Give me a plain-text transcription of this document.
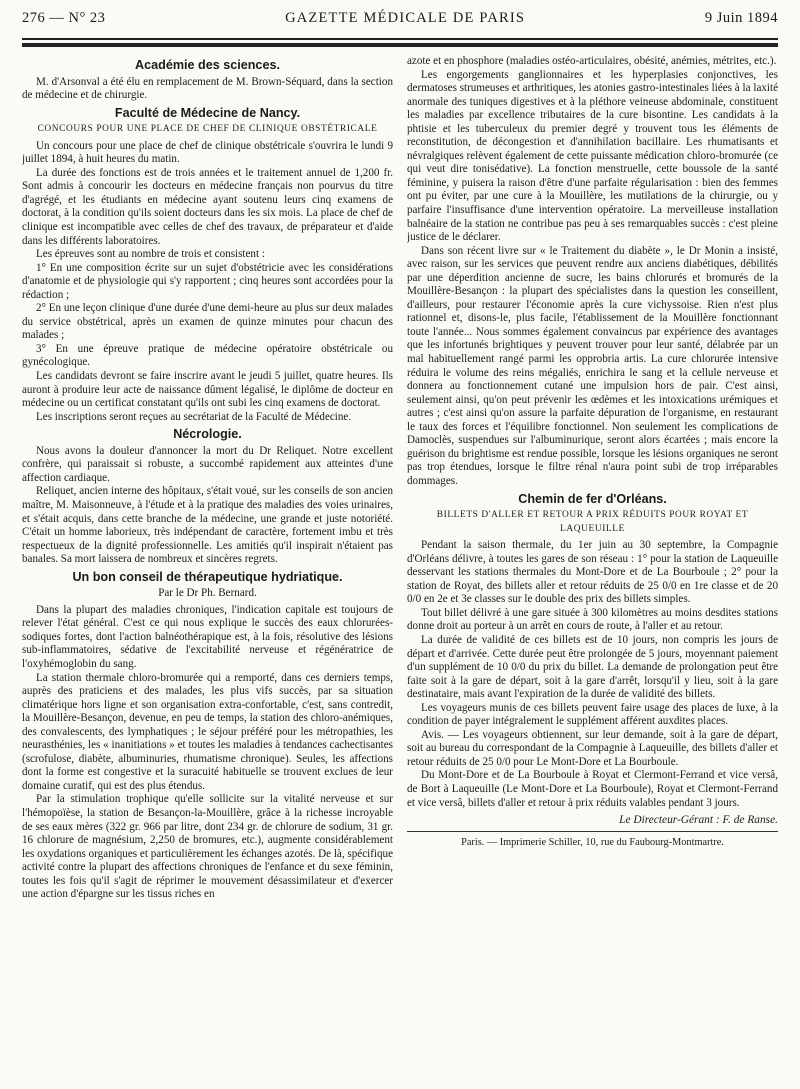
276 — N° 23	GAZETTE MÉDICALE DE PARIS	9 Juin 1894
Académie des sciences.

M. d'Arsonval a été élu en remplacement de M. Brown-Séquard, dans la section de médecine et de chirurgie.

Faculté de Médecine de Nancy.
CONCOURS POUR UNE PLACE DE CHEF DE CLINIQUE OBSTÉTRICALE

Un concours pour une place de chef de clinique obstétricale s'ouvrira le lundi 9 juillet 1894, à huit heures du matin.

La durée des fonctions est de trois années et le traitement annuel de 1,200 fr. Sont admis à concourir les docteurs en médecine français non pourvus du titre d'agrégé, et les étudiants en médecine ayant soutenu leurs cinq examens de doctorat, à la condition qu'ils soient docteurs dans les six mois. La place de chef de clinique est incompatible avec celles de chef des travaux, de préparateur et d'aide dans les différents laboratoires.

Les épreuves sont au nombre de trois et consistent :

1° En une composition écrite sur un sujet d'obstétricie avec les considérations d'anatomie et de physiologie qui s'y rapportent ; cinq heures sont accordées pour la rédaction ;

2° En une leçon clinique d'une durée d'une demi-heure au plus sur deux malades du service obstétrical, après un examen de quinze minutes pour chacun des malades ;

3° En une épreuve pratique de médecine opératoire obstétricale ou gynécologique.

Les candidats devront se faire inscrire avant le jeudi 5 juillet, quatre heures. Ils auront à produire leur acte de naissance dûment légalisé, le diplôme de docteur en médecine ou un certificat constatant qu'ils ont subi les cinq examens de doctorat.

Les inscriptions seront reçues au secrétariat de la Faculté de Médecine.

Nécrologie.

Nous avons la douleur d'annoncer la mort du Dr Reliquet. Notre excellent confrère, qui paraissait si robuste, a succombé rapidement aux atteintes d'une affection cardiaque.

Reliquet, ancien interne des hôpitaux, s'était voué, sur les conseils de son ancien maître, M. Maisonneuve, à l'étude et à la pratique des maladies des voies urinaires, et s'était acquis, dans cette branche de la médecine, une grande et juste notoriété. C'était un homme laborieux, très indépendant de caractère, fortement imbu et très respectueux de la dignité professionnelle. Les amitiés qu'il inspirait n'étaient pas banales. Sa mort laissera de nombreux et sincères regrets.

Un bon conseil de thérapeutique hydriatique.
Par le Dr Ph. Bernard.

Dans la plupart des maladies chroniques, l'indication capitale est toujours de relever l'état général. C'est ce qui nous explique le succès des eaux chlorurées-sodiques fortes, dont l'action balnéothérapique est, à la fois, résolutive des lésions sub-inflammatoires, sédative de l'excitabilité nerveuse et régénératrice de l'oxyhémoglobin du sang.

La station thermale chloro-bromurée qui a remporté, dans ces derniers temps, auprès des praticiens et des malades, les plus vifs succès, par sa situation climatérique hors ligne et son organisation extra-confortable, c'est, sans contredit, la Mouillère-Besançon, devenue, en peu de temps, la station des chloro-anémiques, des convalescents, des lymphatiques ; le séjour préféré pour les métropathies, les neurasthénies, les « inanitiations » et toutes les maladies à tendances cachectisantes (scrofulose, diabète, albuminuries, rhumatisme chronique). Seules, les affections dont la forme est congestive et la suracuité habituelle se trouvent exclues de leur domaine curatif, qui est des plus étendus.

Par la stimulation trophique qu'elle sollicite sur la vitalité nerveuse et sur l'hémopoïèse, la station de Besançon-la-Mouillère, grâce à la richesse incroyable de ses eaux mères (322 gr. 966 par litre, dont 234 gr. de chlorure de sodium, 31 gr. 16 chlorure de magnésium, 2,250 de bromures, etc.), augmente considérablement les oxydations organiques et particulièrement les échanges azotés. De là, spécifique activité contre la plupart des affections chroniques de l'enfance et du sexe féminin, toutes les fois qu'il s'agit de réprimer le mouvement désassimilateur et d'exercer une action d'épargne sur les tissus riches en

azote et en phosphore (maladies ostéo-articulaires, obésité, anémies, métrites, etc.).

Les engorgements ganglionnaires et les hyperplasies conjonctives, les dermatoses strumeuses et arthritiques, les atonies gastro-intestinales liées à la laxité anormale des tuniques digestives et à la pléthore veineuse abdominale, constituent les maladies par excellence tributaires de la cure bisontine. Les candidats à la phtisie et les tuberculeux du premier degré y trouvent tous les éléments de reconstitution, de décongestion et d'annihilation bacillaire. Les rhumatisants et névralgiques relèvent également de cette puissante médication chloro-bromurée (ce qui veut dire tonisédative). La fonction menstruelle, cette boussole de la santé féminine, y puisera la raison d'être d'une parfaite régularisation : bien des femmes ont pu éviter, par une cure à la Mouillère, les mutilations de la chirurgie, ou y parfaire l'insuffisance d'une intervention opératoire. La merveilleuse installation balnéaire de la station ne contribue pas peu à ses remarquables succès : c'est pleine justice de le déclarer.

Dans son récent livre sur « le Traitement du diabète », le Dr Monin a insisté, avec raison, sur les services que peuvent rendre aux anciens diabétiques, débilités par une déperdition ancienne de sucre, les bains chlorurés et bromurés de la Mouillère-Besançon : la plupart des spécialistes dans la question les conseillent, d'ailleurs, pour restaurer l'économie après la cure vichyssoise. Rien n'est plus rationnel et, disons-le, plus facile, l'établissement de la Mouillère fonctionnant toute l'année... Nous sommes également convaincus par expérience des avantages que les infortunés brightiques y peuvent trouver pour leur santé, délabrée par un mal habituellement rangé parmi les opprobria artis. La cure chlorurée intensive réduira le volume des reins mégaliés, enrichira le sang et la cellule nerveuse et donnera au fonctionnement cutané une impulsion hors de pair. C'est ainsi, seulement ainsi, qu'on peut prévenir les œdèmes et les intoxications urémiques et autres ; c'est ainsi qu'on assure la parfaite dépuration de l'organisme, en restaurant le taux des forces et l'équilibre fonctionnel. Non seulement les complications de Damoclès, suspendues sur l'albuminurique, seront alors écartées ; mais encore la guérison du brightisme est rendue possible, lorsque les lésions organiques ne seront pas trop étendues, lorsque le filtre rénal n'aura point subi de trop irréparables dommages.

Chemin de fer d'Orléans.
BILLETS D'ALLER ET RETOUR A PRIX RÉDUITS POUR ROYAT ET LAQUEUILLE

Pendant la saison thermale, du 1er juin au 30 septembre, la Compagnie d'Orléans délivre, à toutes les gares de son réseau : 1° pour la station de Laqueuille desservant les stations thermales du Mont-Dore et de La Bourboule ; 2° pour la station de Royat, des billets aller et retour réduits de 25 0/0 en 1re classe et de 20 0/0 en 2e et 3e classes sur le double des prix des billets simples.

Tout billet délivré à une gare située à 300 kilomètres au moins desdites stations donne droit au porteur à un arrêt en cours de route, à l'aller et au retour.

La durée de validité de ces billets est de 10 jours, non compris les jours de départ et d'arrivée. Cette durée peut être prolongée de 5 jours, moyennant paiement d'un supplément de 10 0/0 du prix du billet. La demande de prolongation peut être faite soit à la gare de départ, soit à la gare d'arrêt, lorsqu'il y lieu, soit à la gare destinataire, mais avant l'expiration de la durée de validité des billets.

Les voyageurs munis de ces billets peuvent faire usage des places de luxe, à la condition de payer intégralement le supplément afférent auxdites places.

Avis. — Les voyageurs obtiennent, sur leur demande, soit à la gare de départ, soit au bureau du correspondant de la Compagnie à Laqueuille, des billets d'aller et retour réduits de 25 0/0 pour Le Mont-Dore et La Bourboule.

Du Mont-Dore et de La Bourboule à Royat et Clermont-Ferrand et vice versâ, de Bort à Laqueuille (Le Mont-Dore et La Bourboule), Royat et Clermont-Ferrand et vice versâ, billets d'aller et retour à prix réduits valables pendant 3 jours.

Le Directeur-Gérant : F. de Ranse.
Paris. — Imprimerie Schiller, 10, rue du Faubourg-Montmartre.
